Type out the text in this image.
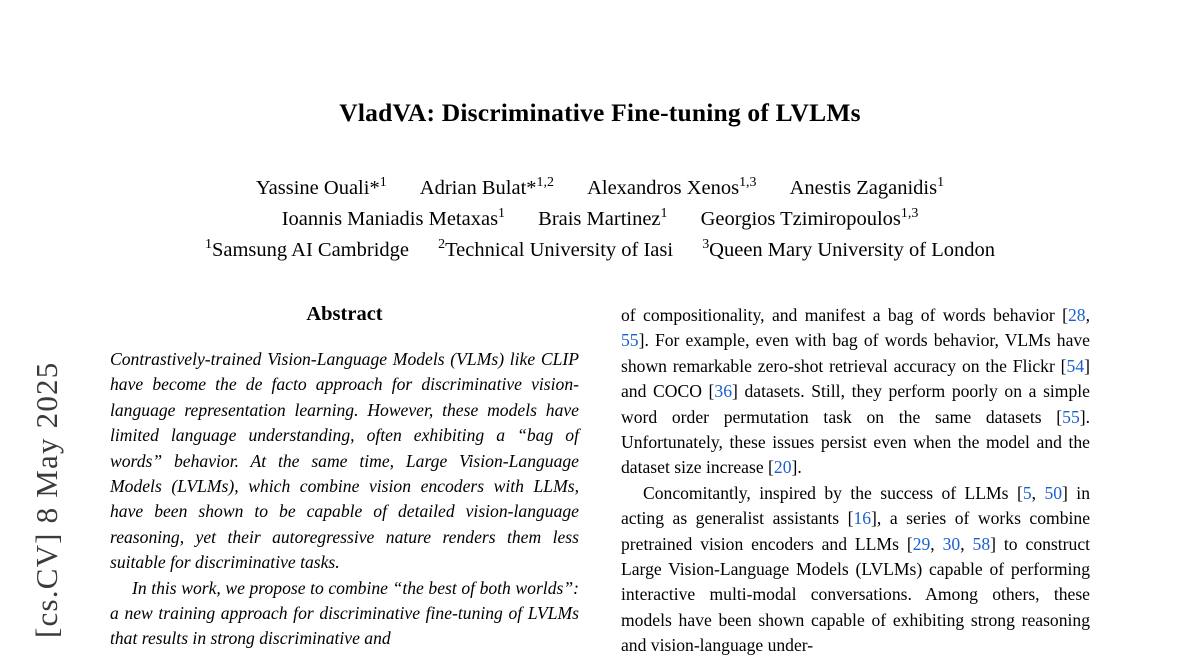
[cs.CV] 8 May 2025
VladVA: Discriminative Fine-tuning of LVLMs
Yassine Ouali*$^1$ Adrian Bulat*$^{1,2}$ Alexandros Xenos$^{1,3}$ Anestis Zaganidis$^1$
Ioannis Maniadis Metaxas$^1$ Brais Martinez$^1$ Georgios Tzimiropoulos$^{1,3}$
$^1$Samsung AI Cambridge $^2$Technical University of Iasi $^3$Queen Mary University of London
Abstract

Contrastively-trained Vision-Language Models (VLMs) like CLIP have become the de facto approach for discriminative vision-language representation learning. However, these models have limited language understanding, often exhibiting a “bag of words” behavior. At the same time, Large Vision-Language Models (LVLMs), which combine vision encoders with LLMs, have been shown to be capable of detailed vision-language reasoning, yet their autoregressive nature renders them less suitable for discriminative tasks.

In this work, we propose to combine “the best of both worlds”: a new training approach for discriminative fine-tuning of LVLMs that results in strong discriminative and

of compositionality, and manifest a bag of words behavior [28, 55]. For example, even with bag of words behavior, VLMs have shown remarkable zero-shot retrieval accuracy on the Flickr [54] and COCO [36] datasets. Still, they perform poorly on a simple word order permutation task on the same datasets [55]. Unfortunately, these issues persist even when the model and the dataset size increase [20].

Concomitantly, inspired by the success of LLMs [5, 50] in acting as generalist assistants [16], a series of works combine pretrained vision encoders and LLMs [29, 30, 58] to construct Large Vision-Language Models (LVLMs) capable of performing interactive multi-modal conversations. Among others, these models have been shown capable of exhibiting strong reasoning and vision-language under-
